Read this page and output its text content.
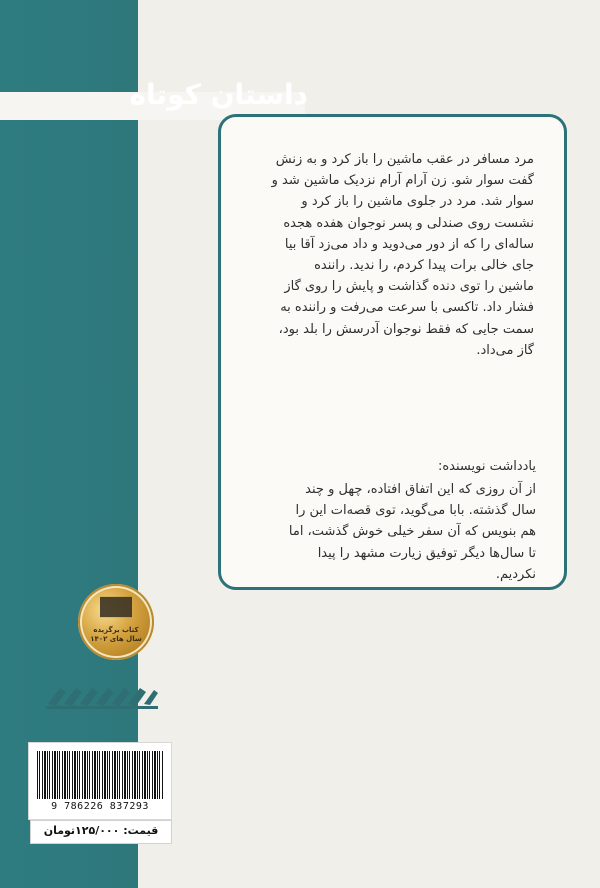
داستان کوتاه
مرد مسافر در عقب ماشین را باز کرد و به زنش
گفت سوار شو. زن آرام آرام نزدیک ماشین شد و
سوار شد. مرد در جلوی ماشین را باز کرد و
نشست روی صندلی و پسر نوجوان هفده هجده
ساله‌ای را که از دور می‌دوید و داد می‌زد آقا بیا
جای خالی برات پیدا کردم، را ندید. راننده
ماشین را توی دنده گذاشت و پایش را روی گاز
فشار داد. تاکسی با سرعت می‌رفت و راننده به
سمت جایی که فقط نوجوان آدرسش را بلد بود،
گاز می‌داد.
یادداشت نویسنده:
از آن روزی که این اتفاق افتاده، چهل و چند
سال گذشته. بابا می‌گوید، توی قصه‌ات این را
هم بنویس که آن سفر خیلی خوش گذشت، اما
تا سال‌ها دیگر توفیق زیارت مشهد را پیدا
نکردیم.
کتاب برگزیده
سال های ۱۴۰۲
9 786226 837293
قیمت: ۱۲۵/۰۰۰تومان
